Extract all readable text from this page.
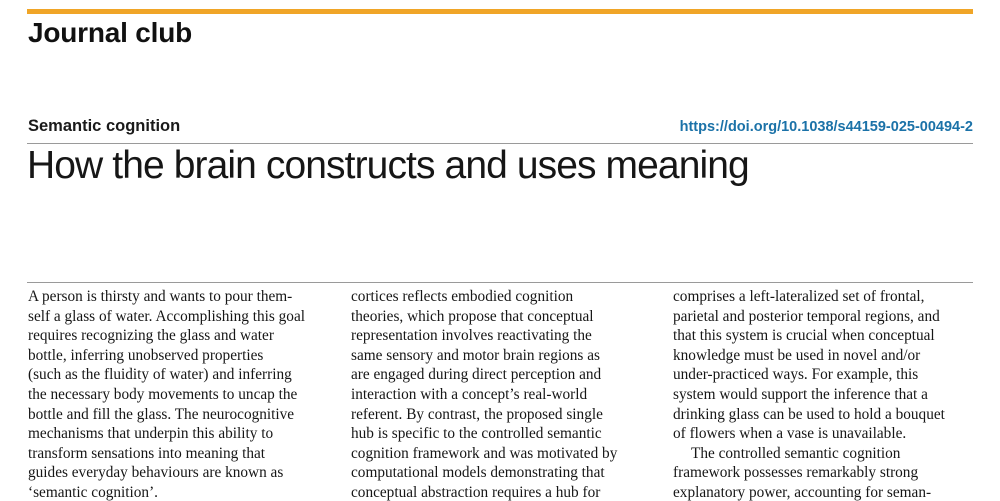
Journal club
Semantic cognition	https://doi.org/10.1038/s44159-025-00494-2
How the brain constructs and uses meaning
A person is thirsty and wants to pour them-
self a glass of water. Accomplishing this goal
requires recognizing the glass and water
bottle, inferring unobserved properties
(such as the fluidity of water) and inferring
the necessary body movements to uncap the
bottle and fill the glass. The neurocognitive
mechanisms that underpin this ability to
transform sensations into meaning that
guides everyday behaviours are known as
‘semantic cognition’.
cortices reflects embodied cognition
theories, which propose that conceptual
representation involves reactivating the
same sensory and motor brain regions as
are engaged during direct perception and
interaction with a concept’s real-world
referent. By contrast, the proposed single
hub is specific to the controlled semantic
cognition framework and was motivated by
computational models demonstrating that
conceptual abstraction requires a hub for
comprises a left-lateralized set of frontal,
parietal and posterior temporal regions, and
that this system is crucial when conceptual
knowledge must be used in novel and/or
under-practiced ways. For example, this
system would support the inference that a
drinking glass can be used to hold a bouquet
of flowers when a vase is unavailable.
The controlled semantic cognition
framework possesses remarkably strong
explanatory power, accounting for seman-
